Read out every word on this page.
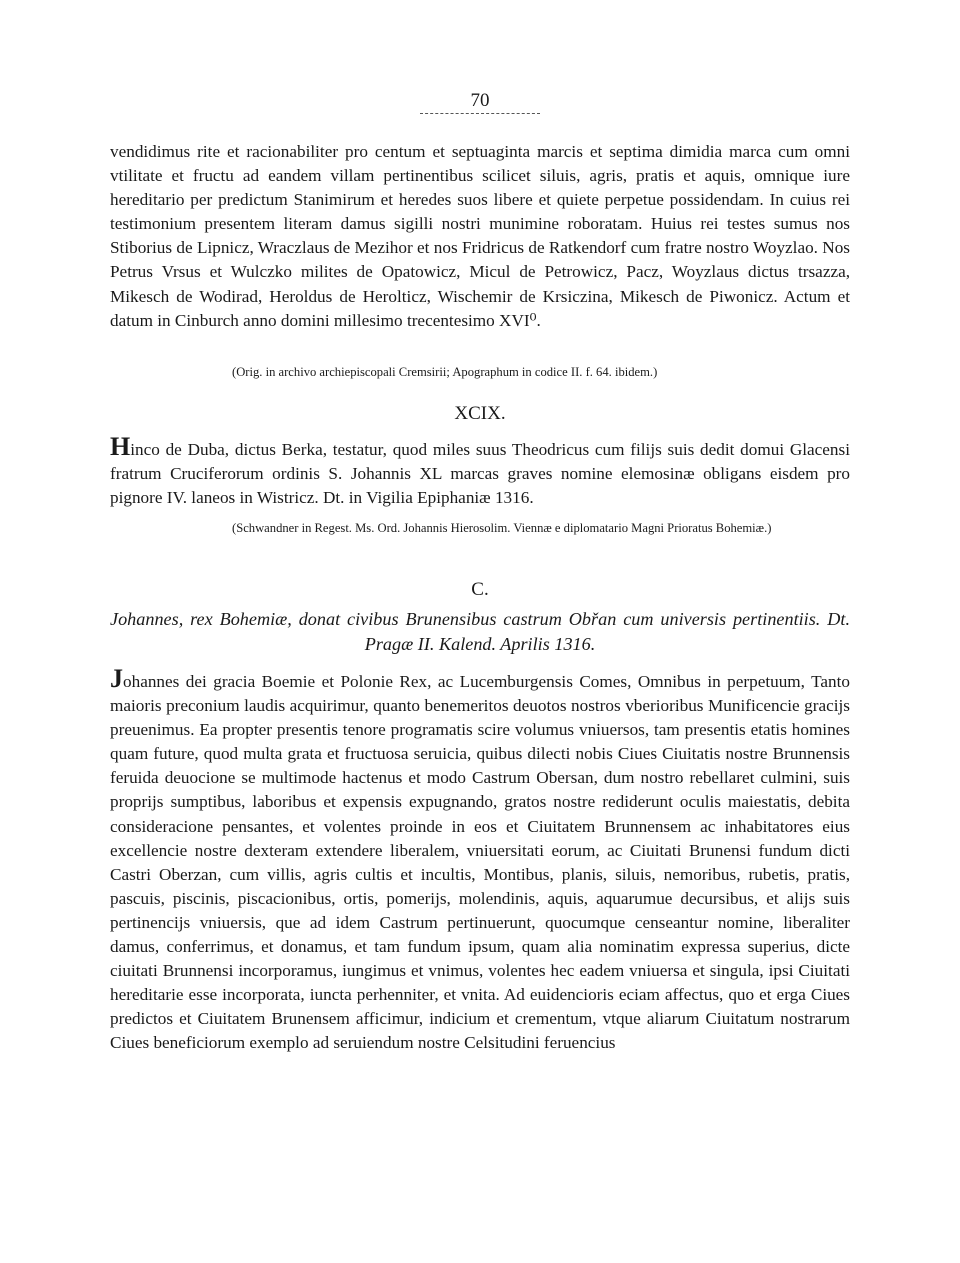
70

vendidimus rite et racionabiliter pro centum et septuaginta marcis et septima dimidia marca cum omni vtilitate et fructu ad eandem villam pertinentibus scilicet siluis, agris, pratis et aquis, omnique iure hereditario per predictum Stanimirum et heredes suos libere et quiete perpetue possidendam. In cuius rei testimonium presentem literam damus sigilli nostri munimine roboratam. Huius rei testes sumus nos Stiborius de Lipnicz, Wraczlaus de Mezihor et nos Fridricus de Ratkendorf cum fratre nostro Woyzlao. Nos Petrus Vrsus et Wulczko milites de Opatowicz, Micul de Petrowicz, Pacz, Woyzlaus dictus trsazza, Mikesch de Wodirad, Heroldus de Herolticz, Wischemir de Krsiczina, Mikesch de Piwonicz. Actum et datum in Cinburch anno domini millesimo trecentesimo XVI⁰.

(Orig. in archivo archiepiscopali Cremsirii; Apographum in codice II. f. 64. ibidem.)

XCIX.

Hinco de Duba, dictus Berka, testatur, quod miles suus Theodricus cum filijs suis dedit domui Glacensi fratrum Cruciferorum ordinis S. Johannis XL marcas graves nomine elemosinæ obligans eisdem pro pignore IV. laneos in Wistricz. Dt. in Vigilia Epiphaniæ 1316.

(Schwandner in Regest. Ms. Ord. Johannis Hierosolim. Viennæ e diplomatario Magni Prioratus Bohemiæ.)

C.

Johannes, rex Bohemiæ, donat civibus Brunensibus castrum Obřan cum universis pertinentiis. Dt. Pragæ II. Kalend. Aprilis 1316.

Johannes dei gracia Boemie et Polonie Rex, ac Lucemburgensis Comes, Omnibus in perpetuum, Tanto maioris preconium laudis acquirimur, quanto benemeritos deuotos nostros vberioribus Munificencie gracijs preuenimus. Ea propter presentis tenore programatis scire volumus vniuersos, tam presentis etatis homines quam future, quod multa grata et fructuosa seruicia, quibus dilecti nobis Ciues Ciuitatis nostre Brunnensis feruida deuocione se multimode hactenus et modo Castrum Obersan, dum nostro rebellaret culmini, suis proprijs sumptibus, laboribus et expensis expugnando, gratos nostre rediderunt oculis maiestatis, debita consideracione pensantes, et volentes proinde in eos et Ciuitatem Brunnensem ac inhabitatores eius excellencie nostre dexteram extendere liberalem, vniuersitati eorum, ac Ciuitati Brunensi fundum dicti Castri Oberzan, cum villis, agris cultis et incultis, Montibus, planis, siluis, nemoribus, rubetis, pratis, pascuis, piscinis, piscacionibus, ortis, pomerijs, molendinis, aquis, aquarumue decursibus, et alijs suis pertinencijs vniuersis, que ad idem Castrum pertinuerunt, quocumque censeantur nomine, liberaliter damus, conferrimus, et donamus, et tam fundum ipsum, quam alia nominatim expressa superius, dicte ciuitati Brunnensi incorporamus, iungimus et vnimus, volentes hec eadem vniuersa et singula, ipsi Ciuitati hereditarie esse incorporata, iuncta perhenniter, et vnita. Ad euidencioris eciam affectus, quo et erga Ciues predictos et Ciuitatem Brunensem afficimur, indicium et crementum, vtque aliarum Ciuitatum nostrarum Ciues beneficiorum exemplo ad seruiendum nostre Celsitudini feruencius
